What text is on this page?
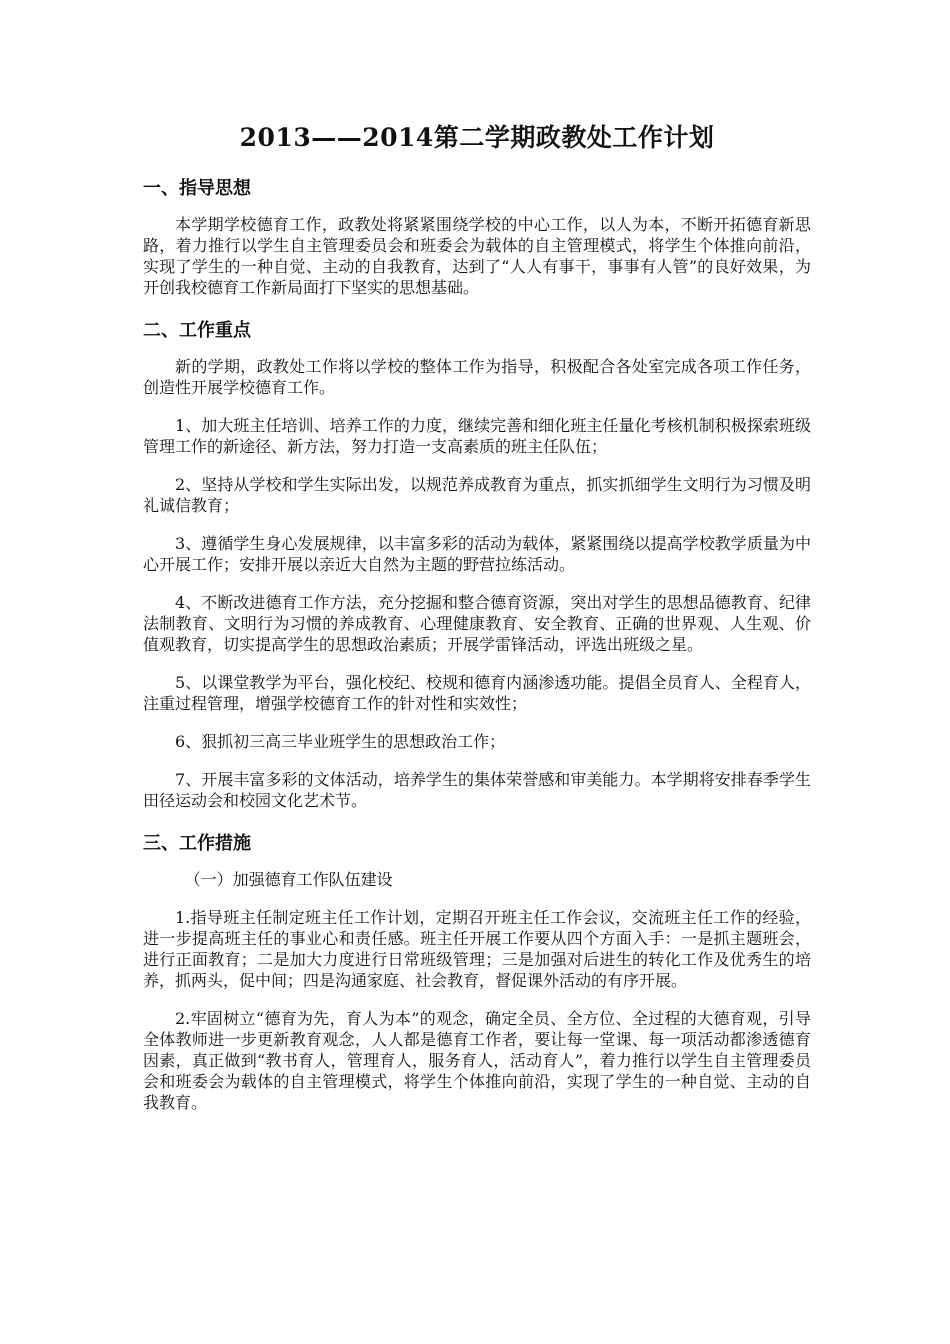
2013——2014第二学期政教处工作计划
一、指导思想

本学期学校德育工作，政教处将紧紧围绕学校的中心工作，以人为本，不断开拓德育新思路，着力推行以学生自主管理委员会和班委会为载体的自主管理模式，将学生个体推向前沿，实现了学生的一种自觉、主动的自我教育，达到了“人人有事干，事事有人管”的良好效果，为开创我校德育工作新局面打下坚实的思想基础。

二、工作重点

新的学期，政教处工作将以学校的整体工作为指导，积极配合各处室完成各项工作任务，创造性开展学校德育工作。

1、加大班主任培训、培养工作的力度，继续完善和细化班主任量化考核机制积极探索班级管理工作的新途径、新方法，努力打造一支高素质的班主任队伍；

2、坚持从学校和学生实际出发，以规范养成教育为重点，抓实抓细学生文明行为习惯及明礼诚信教育；

3、遵循学生身心发展规律，以丰富多彩的活动为载体，紧紧围绕以提高学校教学质量为中心开展工作；安排开展以亲近大自然为主题的野营拉练活动。

4、不断改进德育工作方法，充分挖掘和整合德育资源，突出对学生的思想品德教育、纪律法制教育、文明行为习惯的养成教育、心理健康教育、安全教育、正确的世界观、人生观、价值观教育，切实提高学生的思想政治素质；开展学雷锋活动，评选出班级之星。

5、以课堂教学为平台，强化校纪、校规和德育内涵渗透功能。提倡全员育人、全程育人，注重过程管理，增强学校德育工作的针对性和实效性；

6、狠抓初三高三毕业班学生的思想政治工作；

7、开展丰富多彩的文体活动，培养学生的集体荣誉感和审美能力。本学期将安排春季学生田径运动会和校园文化艺术节。

三、工作措施
（一）加强德育工作队伍建设

1.指导班主任制定班主任工作计划，定期召开班主任工作会议，交流班主任工作的经验，进一步提高班主任的事业心和责任感。班主任开展工作要从四个方面入手：一是抓主题班会，进行正面教育；二是加大力度进行日常班级管理；三是加强对后进生的转化工作及优秀生的培养，抓两头，促中间；四是沟通家庭、社会教育，督促课外活动的有序开展。

2.牢固树立“德育为先，育人为本”的观念，确定全员、全方位、全过程的大德育观，引导全体教师进一步更新教育观念，人人都是德育工作者，要让每一堂课、每一项活动都渗透德育因素，真正做到“教书育人，管理育人，服务育人，活动育人”，着力推行以学生自主管理委员会和班委会为载体的自主管理模式，将学生个体推向前沿，实现了学生的一种自觉、主动的自我教育。
